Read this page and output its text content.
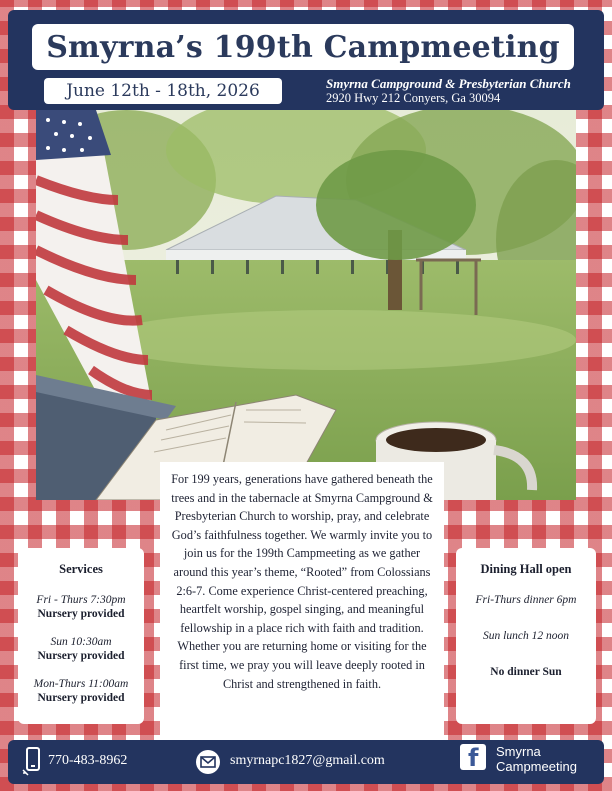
Smyrna’s 199th Campmeeting
June 12th - 18th, 2026	Smyrna Campground & Presbyterian Church
2920 Hwy 212 Conyers, Ga 30094

For 199 years, generations have gathered beneath the trees and in the tabernacle at Smyrna Campground & Presbyterian Church to worship, pray, and celebrate God’s faithfulness together. We warmly invite you to join us for the 199th Campmeeting as we gather around this year’s theme, “Rooted” from Colossians 2:6-7. Come experience Christ-centered preaching, heartfelt worship, gospel singing, and meaningful fellowship in a place rich with faith and tradition. Whether you are returning home or visiting for the first time, we pray you will leave deeply rooted in Christ and strengthened in faith.

Services
Fri - Thurs 7:30pm
Nursery provided
Sun 10:30am
Nursery provided
Mon-Thurs 11:00am
Nursery provided
Dining Hall open
Fri-Thurs dinner 6pm
Sun lunch 12 noon
No dinner Sun
770-483-8962	smyrnapc1827@gmail.com	f Smyrna
Campmeeting
